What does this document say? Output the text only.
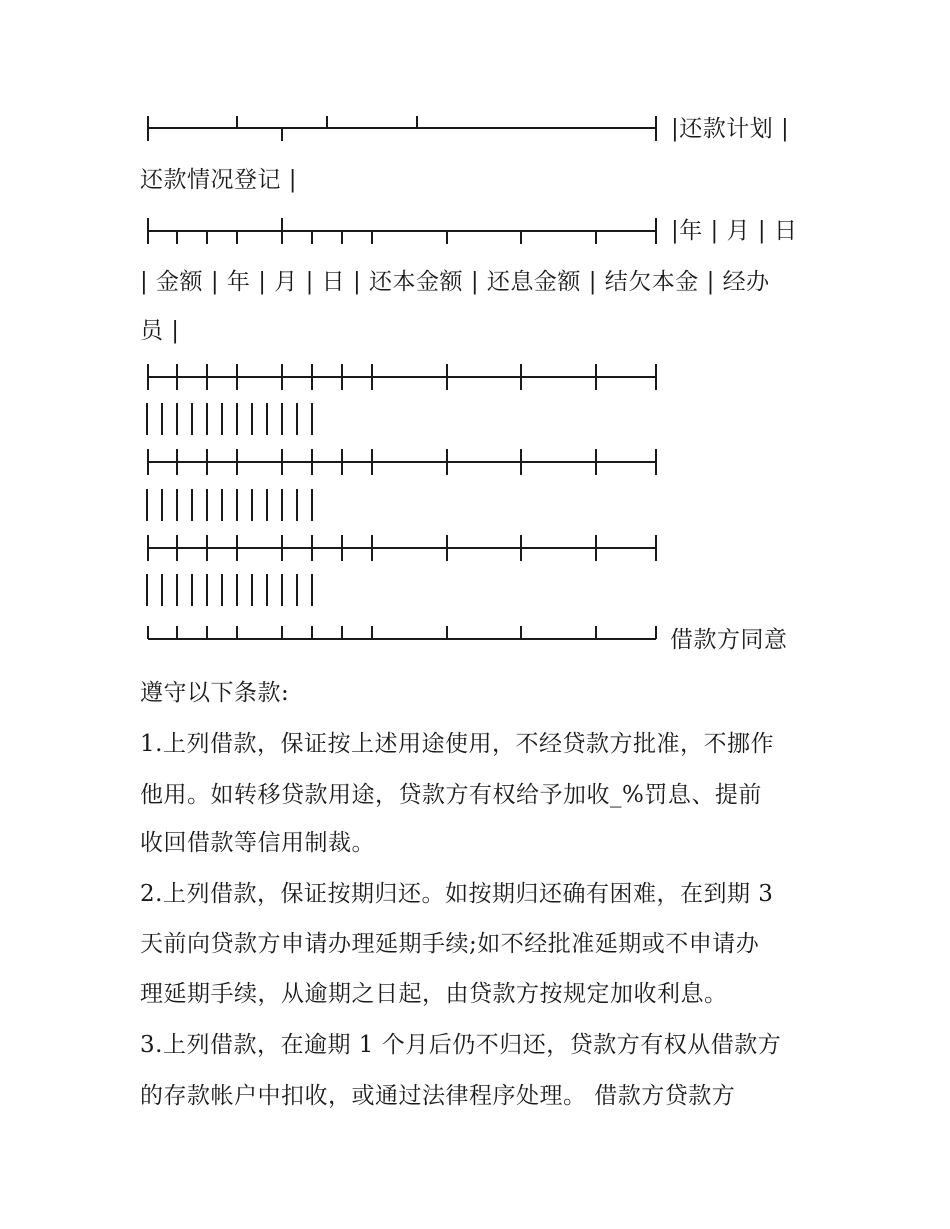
|还款计划 |
还款情况登记 |
|年 | 月 | 日
| 金额 | 年 | 月 | 日 | 还本金额 | 还息金额 | 结欠本金 | 经办
员 |
借款方同意
遵守以下条款:
1.上列借款，保证按上述用途使用，不经贷款方批准，不挪作
他用。如转移贷款用途，贷款方有权给予加收_%罚息、提前
收回借款等信用制裁。
2.上列借款，保证按期归还。如按期归还确有困难，在到期 3
天前向贷款方申请办理延期手续;如不经批准延期或不申请办
理延期手续，从逾期之日起，由贷款方按规定加收利息。
3.上列借款，在逾期 1 个月后仍不归还，贷款方有权从借款方
的存款帐户中扣收，或通过法律程序处理。 借款方贷款方
